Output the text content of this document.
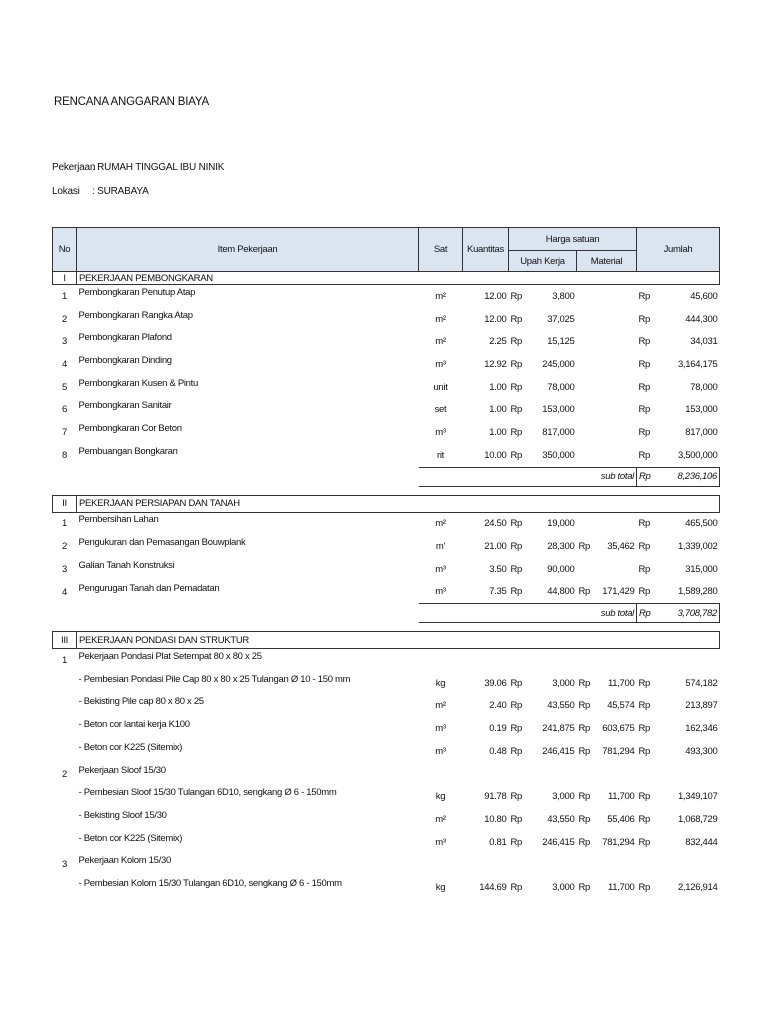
RENCANA ANGGARAN BIAYA
Pekerjaan: RUMAH TINGGAL IBU NINIK
Lokasi : SURABAYA
No	Item Pekerjaan	Sat	Kuantitas	Harga satuan				Jumlah	
				Upah Kerja		Material			
I	PEKERJAAN PEMBONGKARAN								
1	Pembongkaran Penutup Atap	m²	12.00	Rp	3,800			Rp	45,600
2	Pembongkaran Rangka Atap	m²	12.00	Rp	37,025			Rp	444,300
3	Pembongkaran Plafond	m²	2.25	Rp	15,125			Rp	34,031
4	Pembongkaran Dinding	m³	12.92	Rp	245,000			Rp	3,164,175
5	Pembongkaran Kusen & Pintu	unit	1.00	Rp	78,000			Rp	78,000
6	Pembongkaran Sanitair	set	1.00	Rp	153,000			Rp	153,000
7	Pembongkaran Cor Beton	m³	1.00	Rp	817,000			Rp	817,000
8	Pembuangan Bongkaran	rit	10.00	Rp	350,000			Rp	3,500,000
		sub total						Rp	8,236,106

II	PEKERJAAN PERSIAPAN DAN TANAH								
1	Pembersihan Lahan	m²	24.50	Rp	19,000			Rp	465,500
2	Pengukuran dan Pemasangan Bouwplank	m'	21.00	Rp	28,300	Rp	35,462	Rp	1,339,002
3	Galian Tanah Konstruksi	m³	3.50	Rp	90,000			Rp	315,000
4	Pengurugan Tanah dan Pemadatan	m³	7.35	Rp	44,800	Rp	171,429	Rp	1,589,280
		sub total						Rp	3,708,782

III	PEKERJAAN PONDASI DAN STRUKTUR								
1	Pekerjaan Pondasi Plat Setempat 80 x 80 x 25								
	- Pembesian Pondasi Pile Cap 80 x 80 x 25 Tulangan Ø 10 - 150 mm	kg	39.06	Rp	3,000	Rp	11,700	Rp	574,182
	- Bekisting Pile cap 80 x 80 x 25	m²	2.40	Rp	43,550	Rp	45,574	Rp	213,897
	- Beton cor lantai kerja K100	m³	0.19	Rp	241,875	Rp	603,675	Rp	162,346
	- Beton cor K225 (Sitemix)	m³	0.48	Rp	246,415	Rp	781,294	Rp	493,300
2	Pekerjaan Sloof 15/30								
	- Pembesian Sloof 15/30 Tulangan 6D10, sengkang Ø 6 - 150mm	kg	91.78	Rp	3,000	Rp	11,700	Rp	1,349,107
	- Bekisting Sloof 15/30	m²	10.80	Rp	43,550	Rp	55,406	Rp	1,068,729
	- Beton cor K225 (Sitemix)	m³	0.81	Rp	246,415	Rp	781,294	Rp	832,444
3	Pekerjaan Kolom 15/30								
	- Pembesian Kolom 15/30 Tulangan 6D10, sengkang Ø 6 - 150mm	kg	144.69	Rp	3,000	Rp	11,700	Rp	2,126,914
